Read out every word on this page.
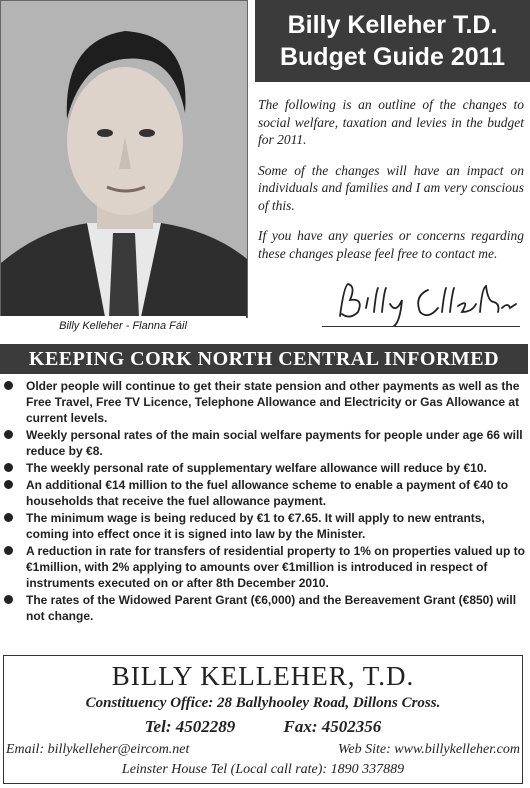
Billy Kelleher - Flanna Fáil
Billy Kelleher T.D.
Budget Guide 2011

The following is an outline of the changes to social welfare, taxation and levies in the budget for 2011.

Some of the changes will have an impact on individuals and families and I am very conscious of this.

If you have any queries or concerns regarding these changes please feel free to contact me.

KEEPING CORK NORTH CENTRAL INFORMED
Older people will continue to get their state pension and other payments as well as the Free Travel, Free TV Licence, Telephone Allowance and Electricity or Gas Allowance at current levels.
Weekly personal rates of the main social welfare payments for people under age 66 will reduce by €8.
The weekly personal rate of supplementary welfare allowance will reduce by €10.
An additional €14 million to the fuel allowance scheme to enable a payment of €40 to households that receive the fuel allowance payment.
The minimum wage is being reduced by €1 to €7.65. It will apply to new entrants, coming into effect once it is signed into law by the Minister.
A reduction in rate for transfers of residential property to 1% on properties valued up to €1million, with 2% applying to amounts over €1million is introduced in respect of instruments executed on or after 8th December 2010.
The rates of the Widowed Parent Grant (€6,000) and the Bereavement Grant (€850) will not change.
BILLY KELLEHER, T.D.
Constituency Office: 28 Ballyhooley Road, Dillons Cross.
Tel: 4502289	Fax: 4502356
Email: billykelleher@eircom.net	Web Site: www.billykelleher.com
Leinster House Tel (Local call rate): 1890 337889
